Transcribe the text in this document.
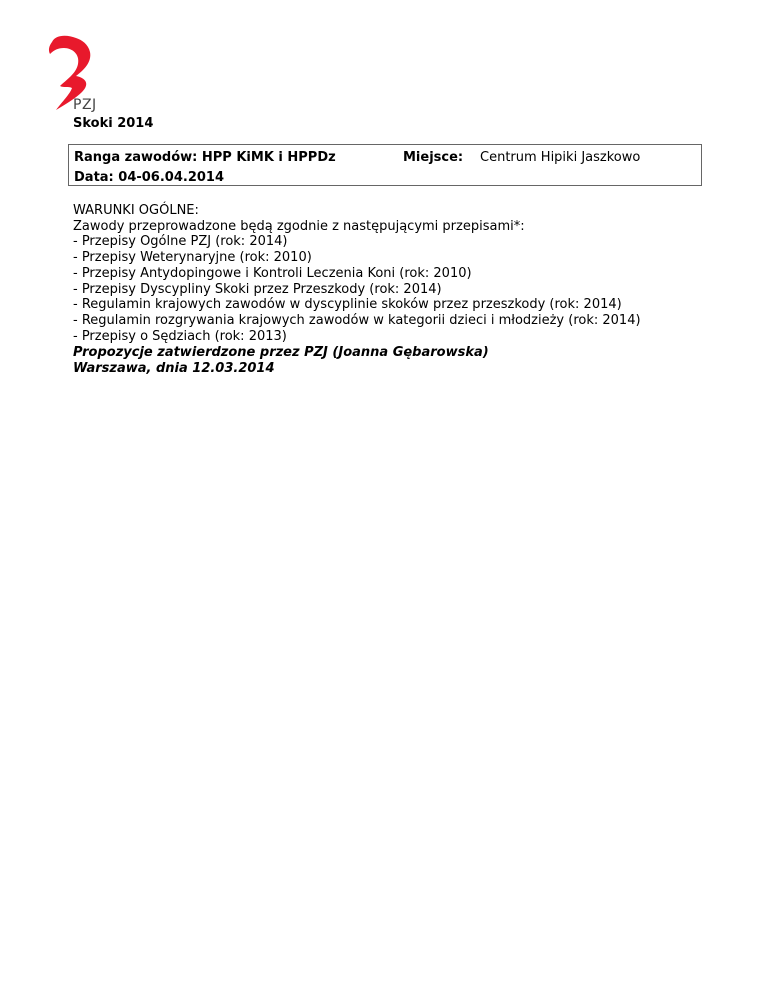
PZJ
Skoki 2014
Ranga zawodów: HPP KiMK i HPPDz	Miejsce: Centrum Hipiki Jaszkowo
Data: 04-06.04.2014
WARUNKI OGÓLNE:
Zawody przeprowadzone będą zgodnie z następującymi przepisami*:
- Przepisy Ogólne PZJ (rok: 2014)
- Przepisy Weterynaryjne (rok: 2010)
- Przepisy Antydopingowe i Kontroli Leczenia Koni (rok: 2010)
- Przepisy Dyscypliny Skoki przez Przeszkody (rok: 2014)
- Regulamin krajowych zawodów w dyscyplinie skoków przez przeszkody (rok: 2014)
- Regulamin rozgrywania krajowych zawodów w kategorii dzieci i młodzieży (rok: 2014)
- Przepisy o Sędziach (rok: 2013)
Propozycje zatwierdzone przez PZJ (Joanna Gębarowska)
Warszawa, dnia 12.03.2014
